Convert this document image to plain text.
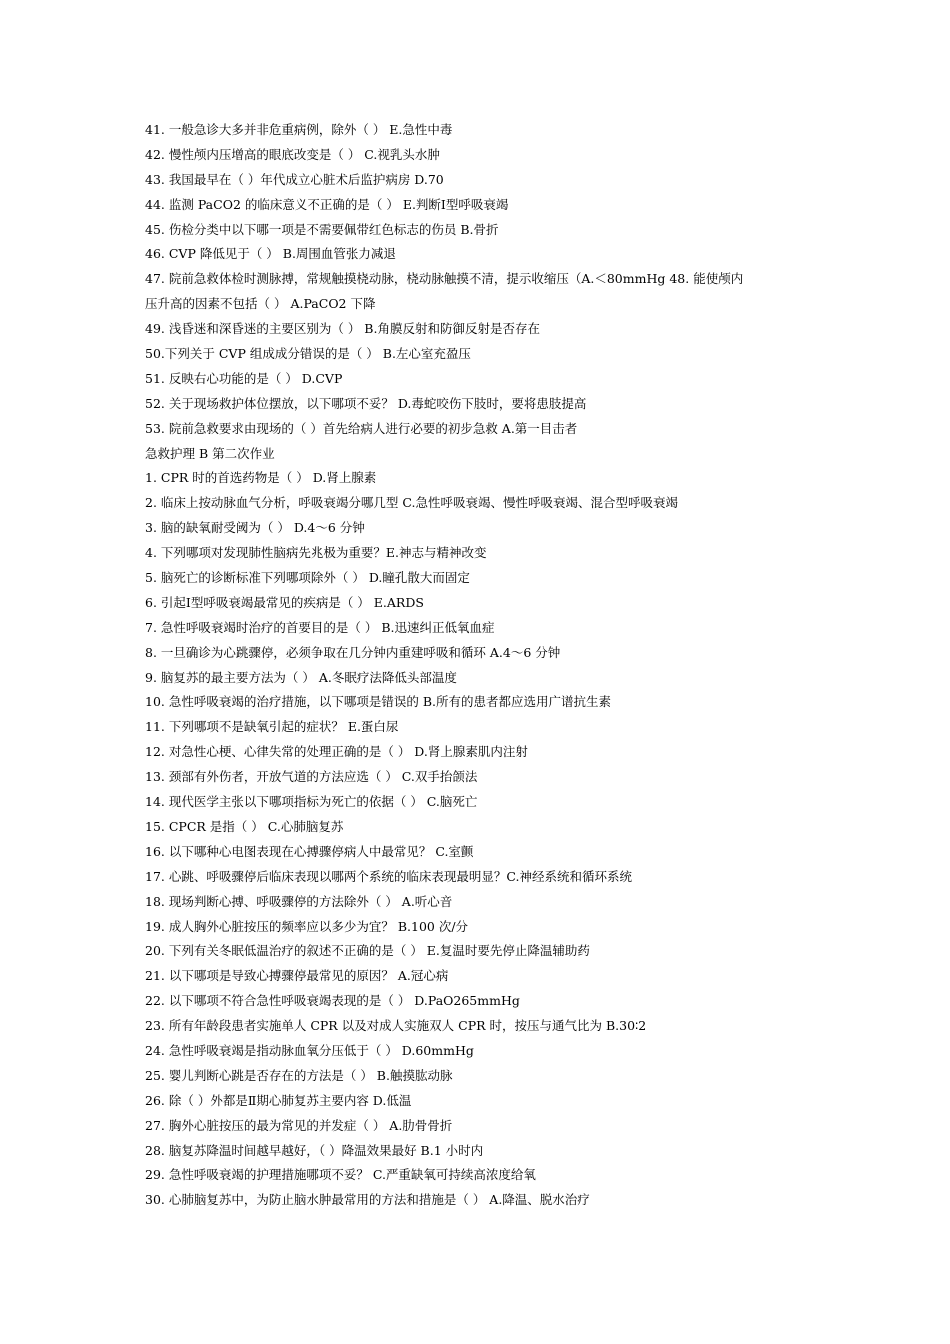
41. 一般急诊大多并非危重病例，除外（ ） E.急性中毒
42. 慢性颅内压增高的眼底改变是（ ） C.视乳头水肿
43. 我国最早在（ ）年代成立心脏术后监护病房 D.70
44. 监测 PaCO2 的临床意义不正确的是（ ） E.判断Ⅰ型呼吸衰竭
45. 伤检分类中以下哪一项是不需要佩带红色标志的伤员 B.骨折
46. CVP 降低见于（ ） B.周围血管张力减退
47. 院前急救体检时测脉搏，常规触摸桡动脉，桡动脉触摸不清，提示收缩压（A.＜80mmHg 48. 能使颅内
压升高的因素不包括（ ） A.PaCO2 下降
49. 浅昏迷和深昏迷的主要区别为（ ） B.角膜反射和防御反射是否存在
50.下列关于 CVP 组成成分错误的是（ ） B.左心室充盈压
51. 反映右心功能的是（ ） D.CVP
52. 关于现场救护体位摆放，以下哪项不妥？ D.毒蛇咬伤下肢时，要将患肢提高
53. 院前急救要求由现场的（ ）首先给病人进行必要的初步急救 A.第一目击者
急救护理 B 第二次作业
1. CPR 时的首选药物是（ ） D.肾上腺素
2. 临床上按动脉血气分析，呼吸衰竭分哪几型 C.急性呼吸衰竭、慢性呼吸衰竭、混合型呼吸衰竭
3. 脑的缺氧耐受阈为（ ） D.4～6 分钟
4. 下列哪项对发现肺性脑病先兆极为重要？E.神志与精神改变
5. 脑死亡的诊断标准下列哪项除外（ ） D.瞳孔散大而固定
6. 引起Ⅰ型呼吸衰竭最常见的疾病是（ ） E.ARDS
7. 急性呼吸衰竭时治疗的首要目的是（ ） B.迅速纠正低氧血症
8. 一旦确诊为心跳骤停，必须争取在几分钟内重建呼吸和循环 A.4～6 分钟
9. 脑复苏的最主要方法为（ ） A.冬眠疗法降低头部温度
10. 急性呼吸衰竭的治疗措施，以下哪项是错误的 B.所有的患者都应选用广谱抗生素
11. 下列哪项不是缺氧引起的症状？ E.蛋白尿
12. 对急性心梗、心律失常的处理正确的是（ ） D.肾上腺素肌内注射
13. 颈部有外伤者，开放气道的方法应选（ ） C.双手抬颌法
14. 现代医学主张以下哪项指标为死亡的依据（ ） C.脑死亡
15. CPCR 是指（ ） C.心肺脑复苏
16. 以下哪种心电图表现在心搏骤停病人中最常见？ C.室颤
17. 心跳、呼吸骤停后临床表现以哪两个系统的临床表现最明显？C.神经系统和循环系统
18. 现场判断心搏、呼吸骤停的方法除外（ ） A.听心音
19. 成人胸外心脏按压的频率应以多少为宜？ B.100 次/分
20. 下列有关冬眠低温治疗的叙述不正确的是（ ） E.复温时要先停止降温辅助药
21. 以下哪项是导致心搏骤停最常见的原因？ A.冠心病
22. 以下哪项不符合急性呼吸衰竭表现的是（ ） D.PaO265mmHg
23. 所有年龄段患者实施单人 CPR 以及对成人实施双人 CPR 时，按压与通气比为 B.30∶2
24. 急性呼吸衰竭是指动脉血氧分压低于（ ） D.60mmHg
25. 婴儿判断心跳是否存在的方法是（ ） B.触摸肱动脉
26. 除（ ）外都是Ⅱ期心肺复苏主要内容 D.低温
27. 胸外心脏按压的最为常见的并发症（ ） A.肋骨骨折
28. 脑复苏降温时间越早越好，（ ）降温效果最好 B.1 小时内
29. 急性呼吸衰竭的护理措施哪项不妥？ C.严重缺氧可持续高浓度给氧
30. 心肺脑复苏中，为防止脑水肿最常用的方法和措施是（ ） A.降温、脱水治疗
